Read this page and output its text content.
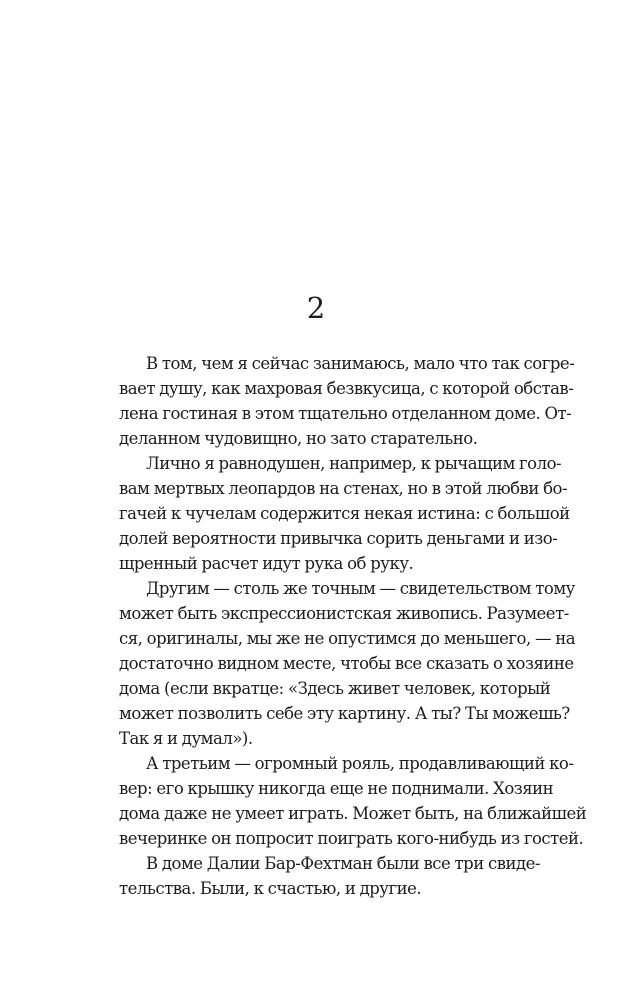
2

В том, чем я сейчас занимаюсь, мало что так согре-
вает душу, как махровая безвкусица, с которой обстав-
лена гостиная в этом тщательно отделанном доме. От-
деланном чудовищно, но зато старательно.

Лично я равнодушен, например, к рычащим голо-
вам мертвых леопардов на стенах, но в этой любви бо-
гачей к чучелам содержится некая истина: с большой
долей вероятности привычка сорить деньгами и изо-
щренный расчет идут рука об руку.

Другим — столь же точным — свидетельством тому
может быть экспрессионистская живопись. Разумеет-
ся, оригиналы, мы же не опустимся до меньшего, — на
достаточно видном месте, чтобы все сказать о хозяине
дома (если вкратце: «Здесь живет человек, который
может позволить себе эту картину. А ты? Ты можешь?
Так я и думал»).

А третьим — огромный рояль, продавливающий ко-
вер: его крышку никогда еще не поднимали. Хозяин
дома даже не умеет играть. Может быть, на ближайшей
вечеринке он попросит поиграть кого-нибудь из гостей.

В доме Далии Бар-Фехтман были все три свиде-
тельства. Были, к счастью, и другие.
